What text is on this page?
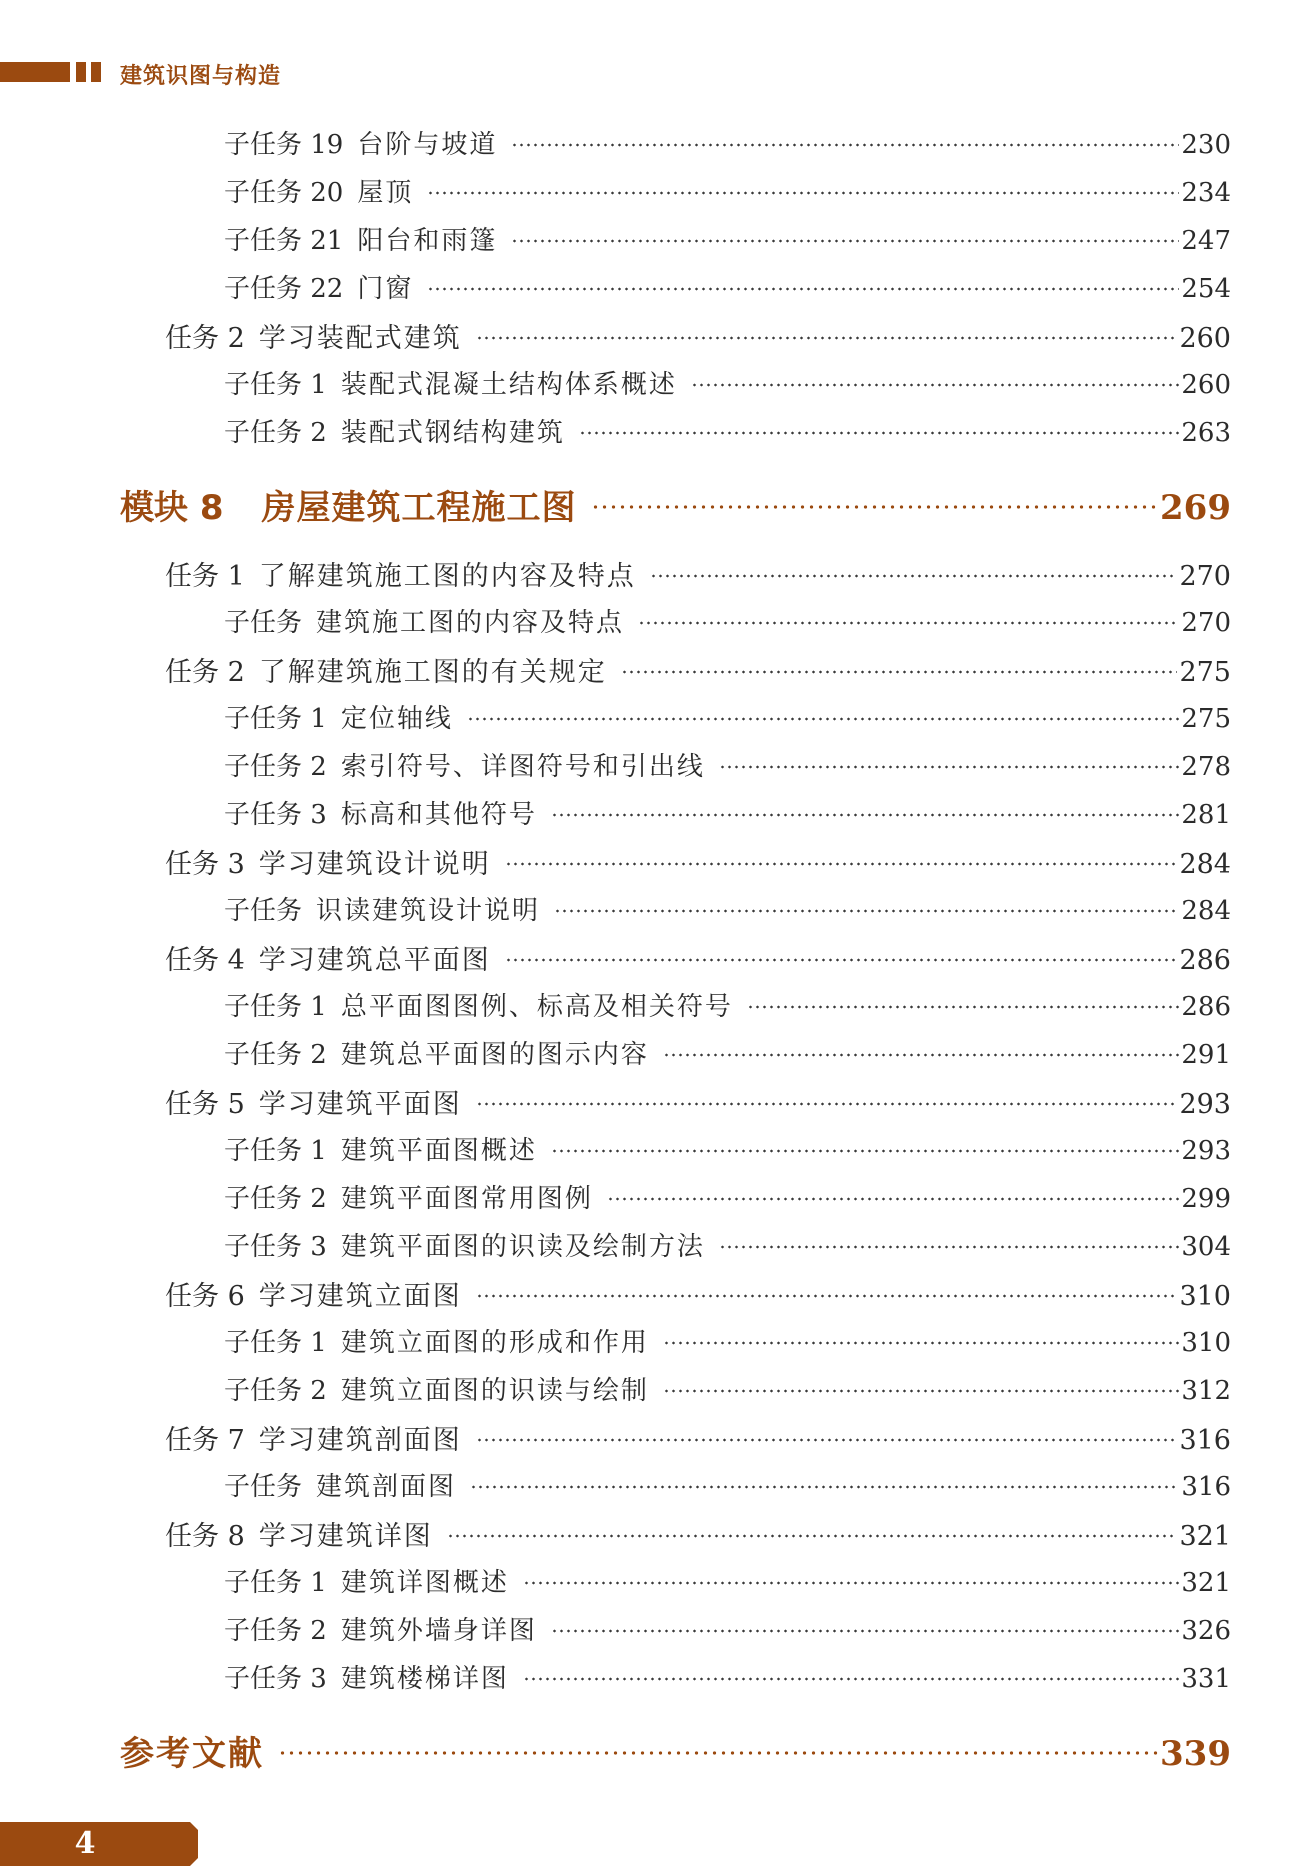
建筑识图与构造
子任务 19 台阶与坡道	230
子任务 20 屋顶	234
子任务 21 阳台和雨篷	247
子任务 22 门窗	254
任务 2 学习装配式建筑	260
子任务 1 装配式混凝土结构体系概述	260
子任务 2 装配式钢结构建筑	263
模块 8	房屋建筑工程施工图	269
任务 1 了解建筑施工图的内容及特点	270
子任务 建筑施工图的内容及特点	270
任务 2 了解建筑施工图的有关规定	275
子任务 1 定位轴线	275
子任务 2 索引符号、详图符号和引出线	278
子任务 3 标高和其他符号	281
任务 3 学习建筑设计说明	284
子任务 识读建筑设计说明	284
任务 4 学习建筑总平面图	286
子任务 1 总平面图图例、标高及相关符号	286
子任务 2 建筑总平面图的图示内容	291
任务 5 学习建筑平面图	293
子任务 1 建筑平面图概述	293
子任务 2 建筑平面图常用图例	299
子任务 3 建筑平面图的识读及绘制方法	304
任务 6 学习建筑立面图	310
子任务 1 建筑立面图的形成和作用	310
子任务 2 建筑立面图的识读与绘制	312
任务 7 学习建筑剖面图	316
子任务 建筑剖面图	316
任务 8 学习建筑详图	321
子任务 1 建筑详图概述	321
子任务 2 建筑外墙身详图	326
子任务 3 建筑楼梯详图	331
参考文献	339
4
